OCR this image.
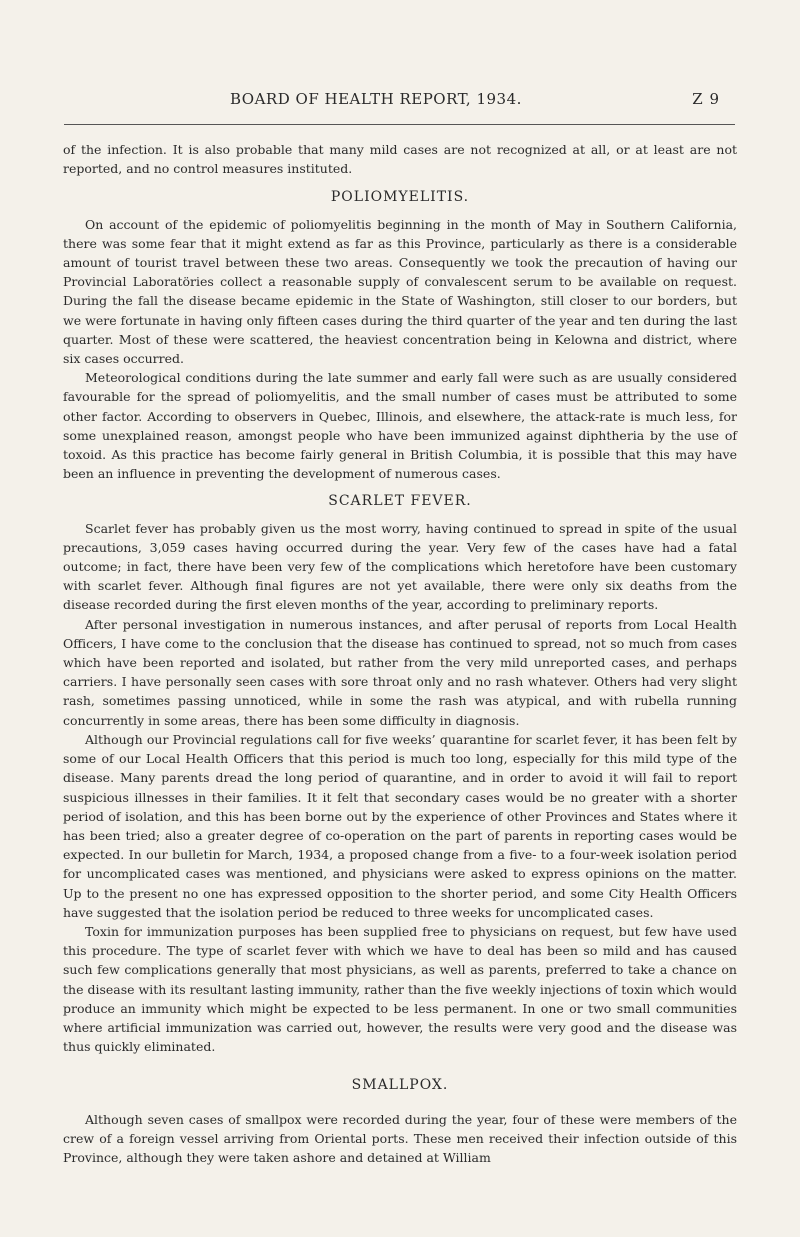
BOARD OF HEALTH REPORT, 1934.	Z 9

of the infection. It is also probable that many mild cases are not recognized at all, or at least are not reported, and no control measures instituted.

POLIOMYELITIS.

On account of the epidemic of poliomyelitis beginning in the month of May in Southern California, there was some fear that it might extend as far as this Province, particularly as there is a considerable amount of tourist travel between these two areas. Consequently we took the precaution of having our Provincial Laboratöries collect a reasonable supply of convalescent serum to be available on request. During the fall the disease became epidemic in the State of Washington, still closer to our borders, but we were fortunate in having only fifteen cases during the third quarter of the year and ten during the last quarter. Most of these were scattered, the heaviest concentration being in Kelowna and district, where six cases occurred.

Meteorological conditions during the late summer and early fall were such as are usually considered favourable for the spread of poliomyelitis, and the small number of cases must be attributed to some other factor. According to observers in Quebec, Illinois, and elsewhere, the attack-rate is much less, for some unexplained reason, amongst people who have been immunized against diphtheria by the use of toxoid. As this practice has become fairly general in British Columbia, it is possible that this may have been an influence in preventing the development of numerous cases.

SCARLET FEVER.

Scarlet fever has probably given us the most worry, having continued to spread in spite of the usual precautions, 3,059 cases having occurred during the year. Very few of the cases have had a fatal outcome; in fact, there have been very few of the complications which heretofore have been customary with scarlet fever. Although final figures are not yet available, there were only six deaths from the disease recorded during the first eleven months of the year, according to preliminary reports.

After personal investigation in numerous instances, and after perusal of reports from Local Health Officers, I have come to the conclusion that the disease has continued to spread, not so much from cases which have been reported and isolated, but rather from the very mild unreported cases, and perhaps carriers. I have personally seen cases with sore throat only and no rash whatever. Others had very slight rash, sometimes passing unnoticed, while in some the rash was atypical, and with rubella running concurrently in some areas, there has been some difficulty in diagnosis.

Although our Provincial regulations call for five weeks’ quarantine for scarlet fever, it has been felt by some of our Local Health Officers that this period is much too long, especially for this mild type of the disease. Many parents dread the long period of quarantine, and in order to avoid it will fail to report suspicious illnesses in their families. It it felt that secondary cases would be no greater with a shorter period of isolation, and this has been borne out by the experience of other Provinces and States where it has been tried; also a greater degree of co-operation on the part of parents in reporting cases would be expected. In our bulletin for March, 1934, a proposed change from a five- to a four-week isolation period for uncomplicated cases was mentioned, and physicians were asked to express opinions on the matter. Up to the present no one has expressed opposition to the shorter period, and some City Health Officers have suggested that the isolation period be reduced to three weeks for uncomplicated cases.

Toxin for immunization purposes has been supplied free to physicians on request, but few have used this procedure. The type of scarlet fever with which we have to deal has been so mild and has caused such few complications generally that most physicians, as well as parents, preferred to take a chance on the disease with its resultant lasting immunity, rather than the five weekly injections of toxin which would produce an immunity which might be expected to be less permanent. In one or two small communities where artificial immunization was carried out, however, the results were very good and the disease was thus quickly eliminated.

SMALLPOX.

Although seven cases of smallpox were recorded during the year, four of these were members of the crew of a foreign vessel arriving from Oriental ports. These men received their infection outside of this Province, although they were taken ashore and detained at William
